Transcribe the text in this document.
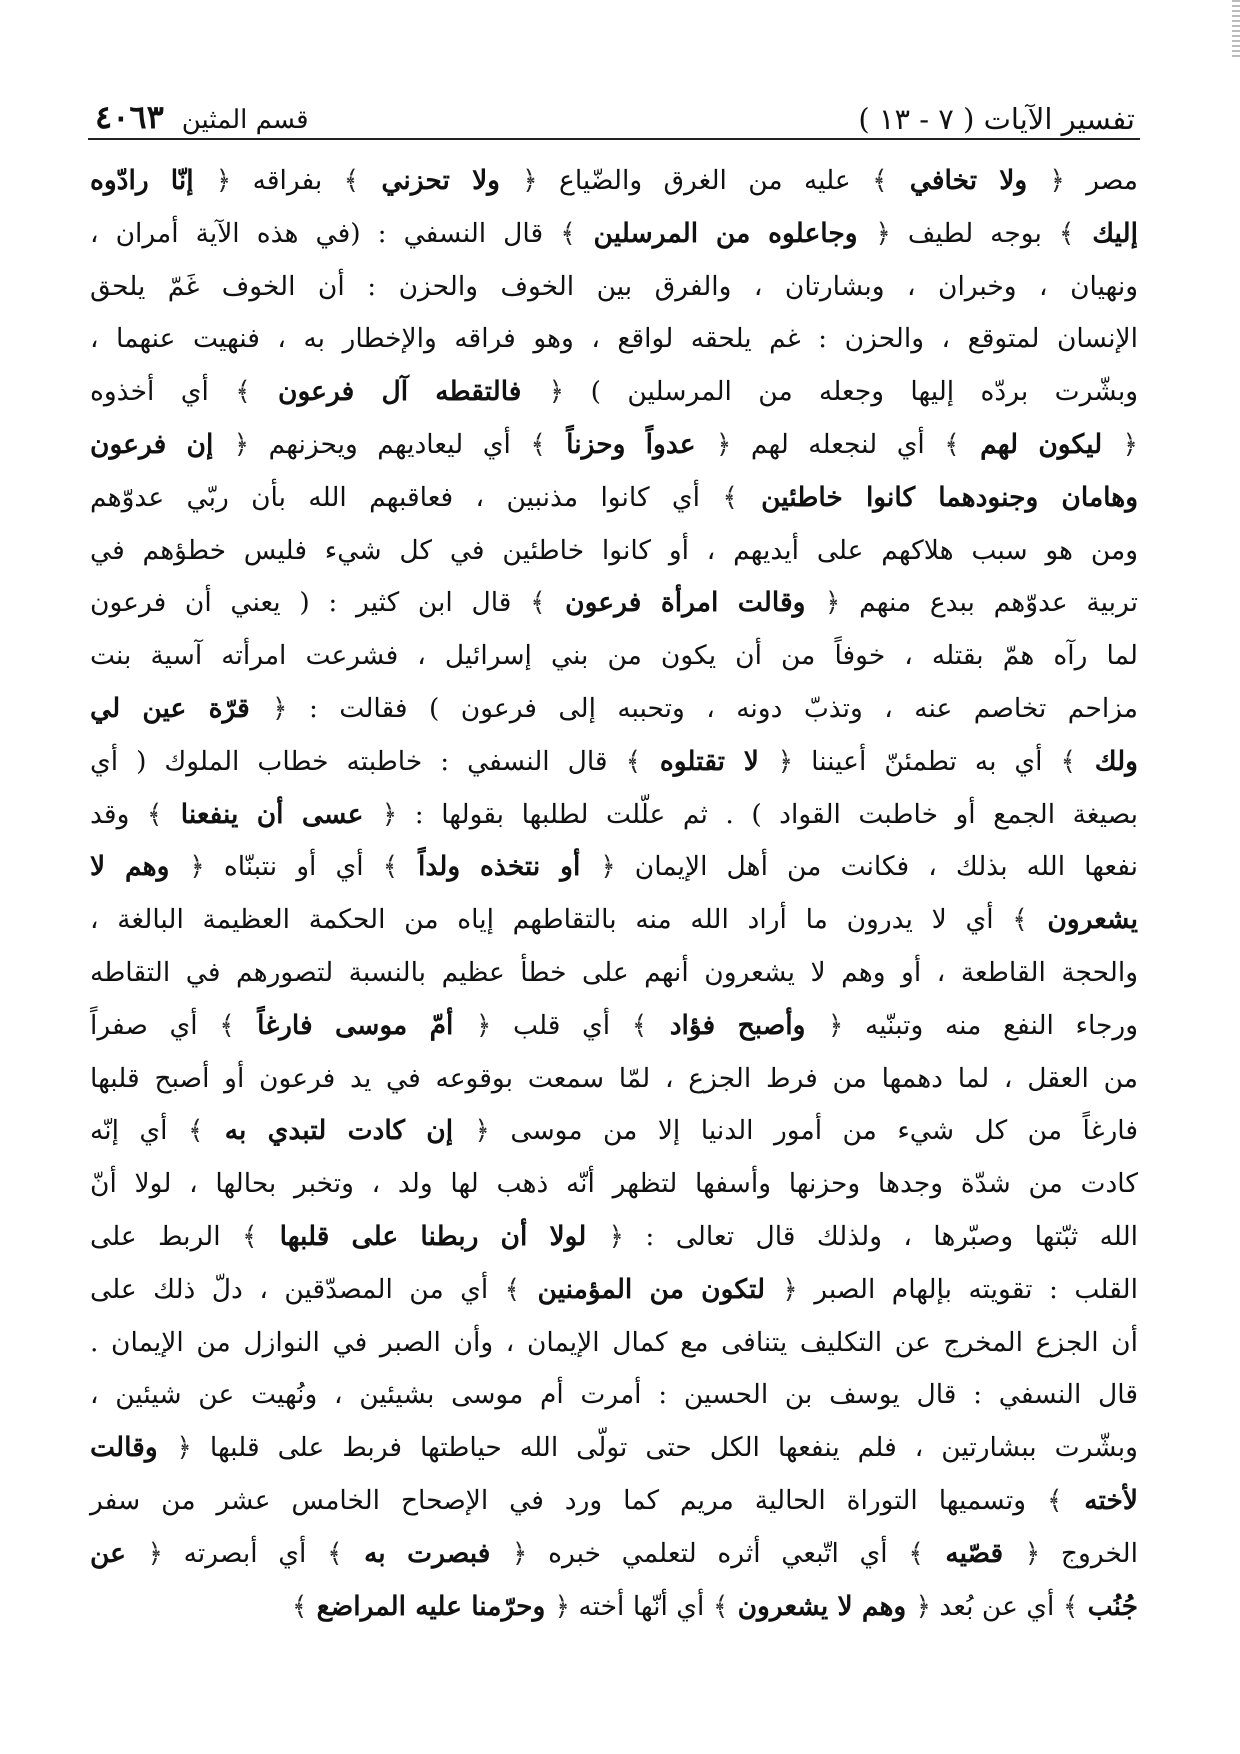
تفسير الآيات ( ٧ - ١٣ )
قسم المثين
٤٠٦٣

مصر ﴿ ولا تخافي ﴾ عليه من الغرق والضّياع ﴿ ولا تحزني ﴾ بفراقه ﴿ إنّا رادّوه

إليك ﴾ بوجه لطيف ﴿ وجاعلوه من المرسلين ﴾ قال النسفي : (في هذه الآية أمران ،

ونهيان ، وخبران ، وبشارتان ، والفرق بين الخوف والحزن : أن الخوف غَمّ يلحق

الإنسان لمتوقع ، والحزن : غم يلحقه لواقع ، وهو فراقه والإخطار به ، فنهيت عنهما ،

وبشّرت بردّه إليها وجعله من المرسلين ) ﴿ فالتقطه آل فرعون ﴾ أي أخذوه

﴿ ليكون لهم ﴾ أي لنجعله لهم ﴿ عدواً وحزناً ﴾ أي ليعاديهم ويحزنهم ﴿ إن فرعون

وهامان وجنودهما كانوا خاطئين ﴾ أي كانوا مذنبين ، فعاقبهم الله بأن ربّي عدوّهم

ومن هو سبب هلاكهم على أيديهم ، أو كانوا خاطئين في كل شيء فليس خطؤهم في

تربية عدوّهم ببدع منهم ﴿ وقالت امرأة فرعون ﴾ قال ابن كثير : ( يعني أن فرعون

لما رآه همّ بقتله ، خوفاً من أن يكون من بني إسرائيل ، فشرعت امرأته آسية بنت

مزاحم تخاصم عنه ، وتذبّ دونه ، وتحببه إلى فرعون ) فقالت : ﴿ قرّة عين لي

ولك ﴾ أي به تطمئنّ أعيننا ﴿ لا تقتلوه ﴾ قال النسفي : خاطبته خطاب الملوك ( أي

بصيغة الجمع أو خاطبت القواد ) . ثم علّلت لطلبها بقولها : ﴿ عسى أن ينفعنا ﴾ وقد

نفعها الله بذلك ، فكانت من أهل الإيمان ﴿ أو نتخذه ولداً ﴾ أي أو نتبنّاه ﴿ وهم لا

يشعرون ﴾ أي لا يدرون ما أراد الله منه بالتقاطهم إياه من الحكمة العظيمة البالغة ،

والحجة القاطعة ، أو وهم لا يشعرون أنهم على خطأ عظيم بالنسبة لتصورهم في التقاطه

ورجاء النفع منه وتبنّيه ﴿ وأصبح فؤاد ﴾ أي قلب ﴿ أمّ موسى فارغاً ﴾ أي صفراً

من العقل ، لما دهمها من فرط الجزع ، لمّا سمعت بوقوعه في يد فرعون أو أصبح قلبها

فارغاً من كل شيء من أمور الدنيا إلا من موسى ﴿ إن كادت لتبدي به ﴾ أي إنّه

كادت من شدّة وجدها وحزنها وأسفها لتظهر أنّه ذهب لها ولد ، وتخبر بحالها ، لولا أنّ

الله ثبّتها وصبّرها ، ولذلك قال تعالى : ﴿ لولا أن ربطنا على قلبها ﴾ الربط على

القلب : تقويته بإلهام الصبر ﴿ لتكون من المؤمنين ﴾ أي من المصدّقين ، دلّ ذلك على

أن الجزع المخرج عن التكليف يتنافى مع كمال الإيمان ، وأن الصبر في النوازل من الإيمان .

قال النسفي : قال يوسف بن الحسين : أمرت أم موسى بشيئين ، ونُهيت عن شيئين ،

وبشّرت ببشارتين ، فلم ينفعها الكل حتى تولّى الله حياطتها فربط على قلبها ﴿ وقالت

لأخته ﴾ وتسميها التوراة الحالية مريم كما ورد في الإصحاح الخامس عشر من سفر

الخروج ﴿ قصّيه ﴾ أي اتّبعي أثره لتعلمي خبره ﴿ فبصرت به ﴾ أي أبصرته ﴿ عن

جُنُب ﴾ أي عن بُعد ﴿ وهم لا يشعرون ﴾ أي أنّها أخته ﴿ وحرّمنا عليه المراضع ﴾
